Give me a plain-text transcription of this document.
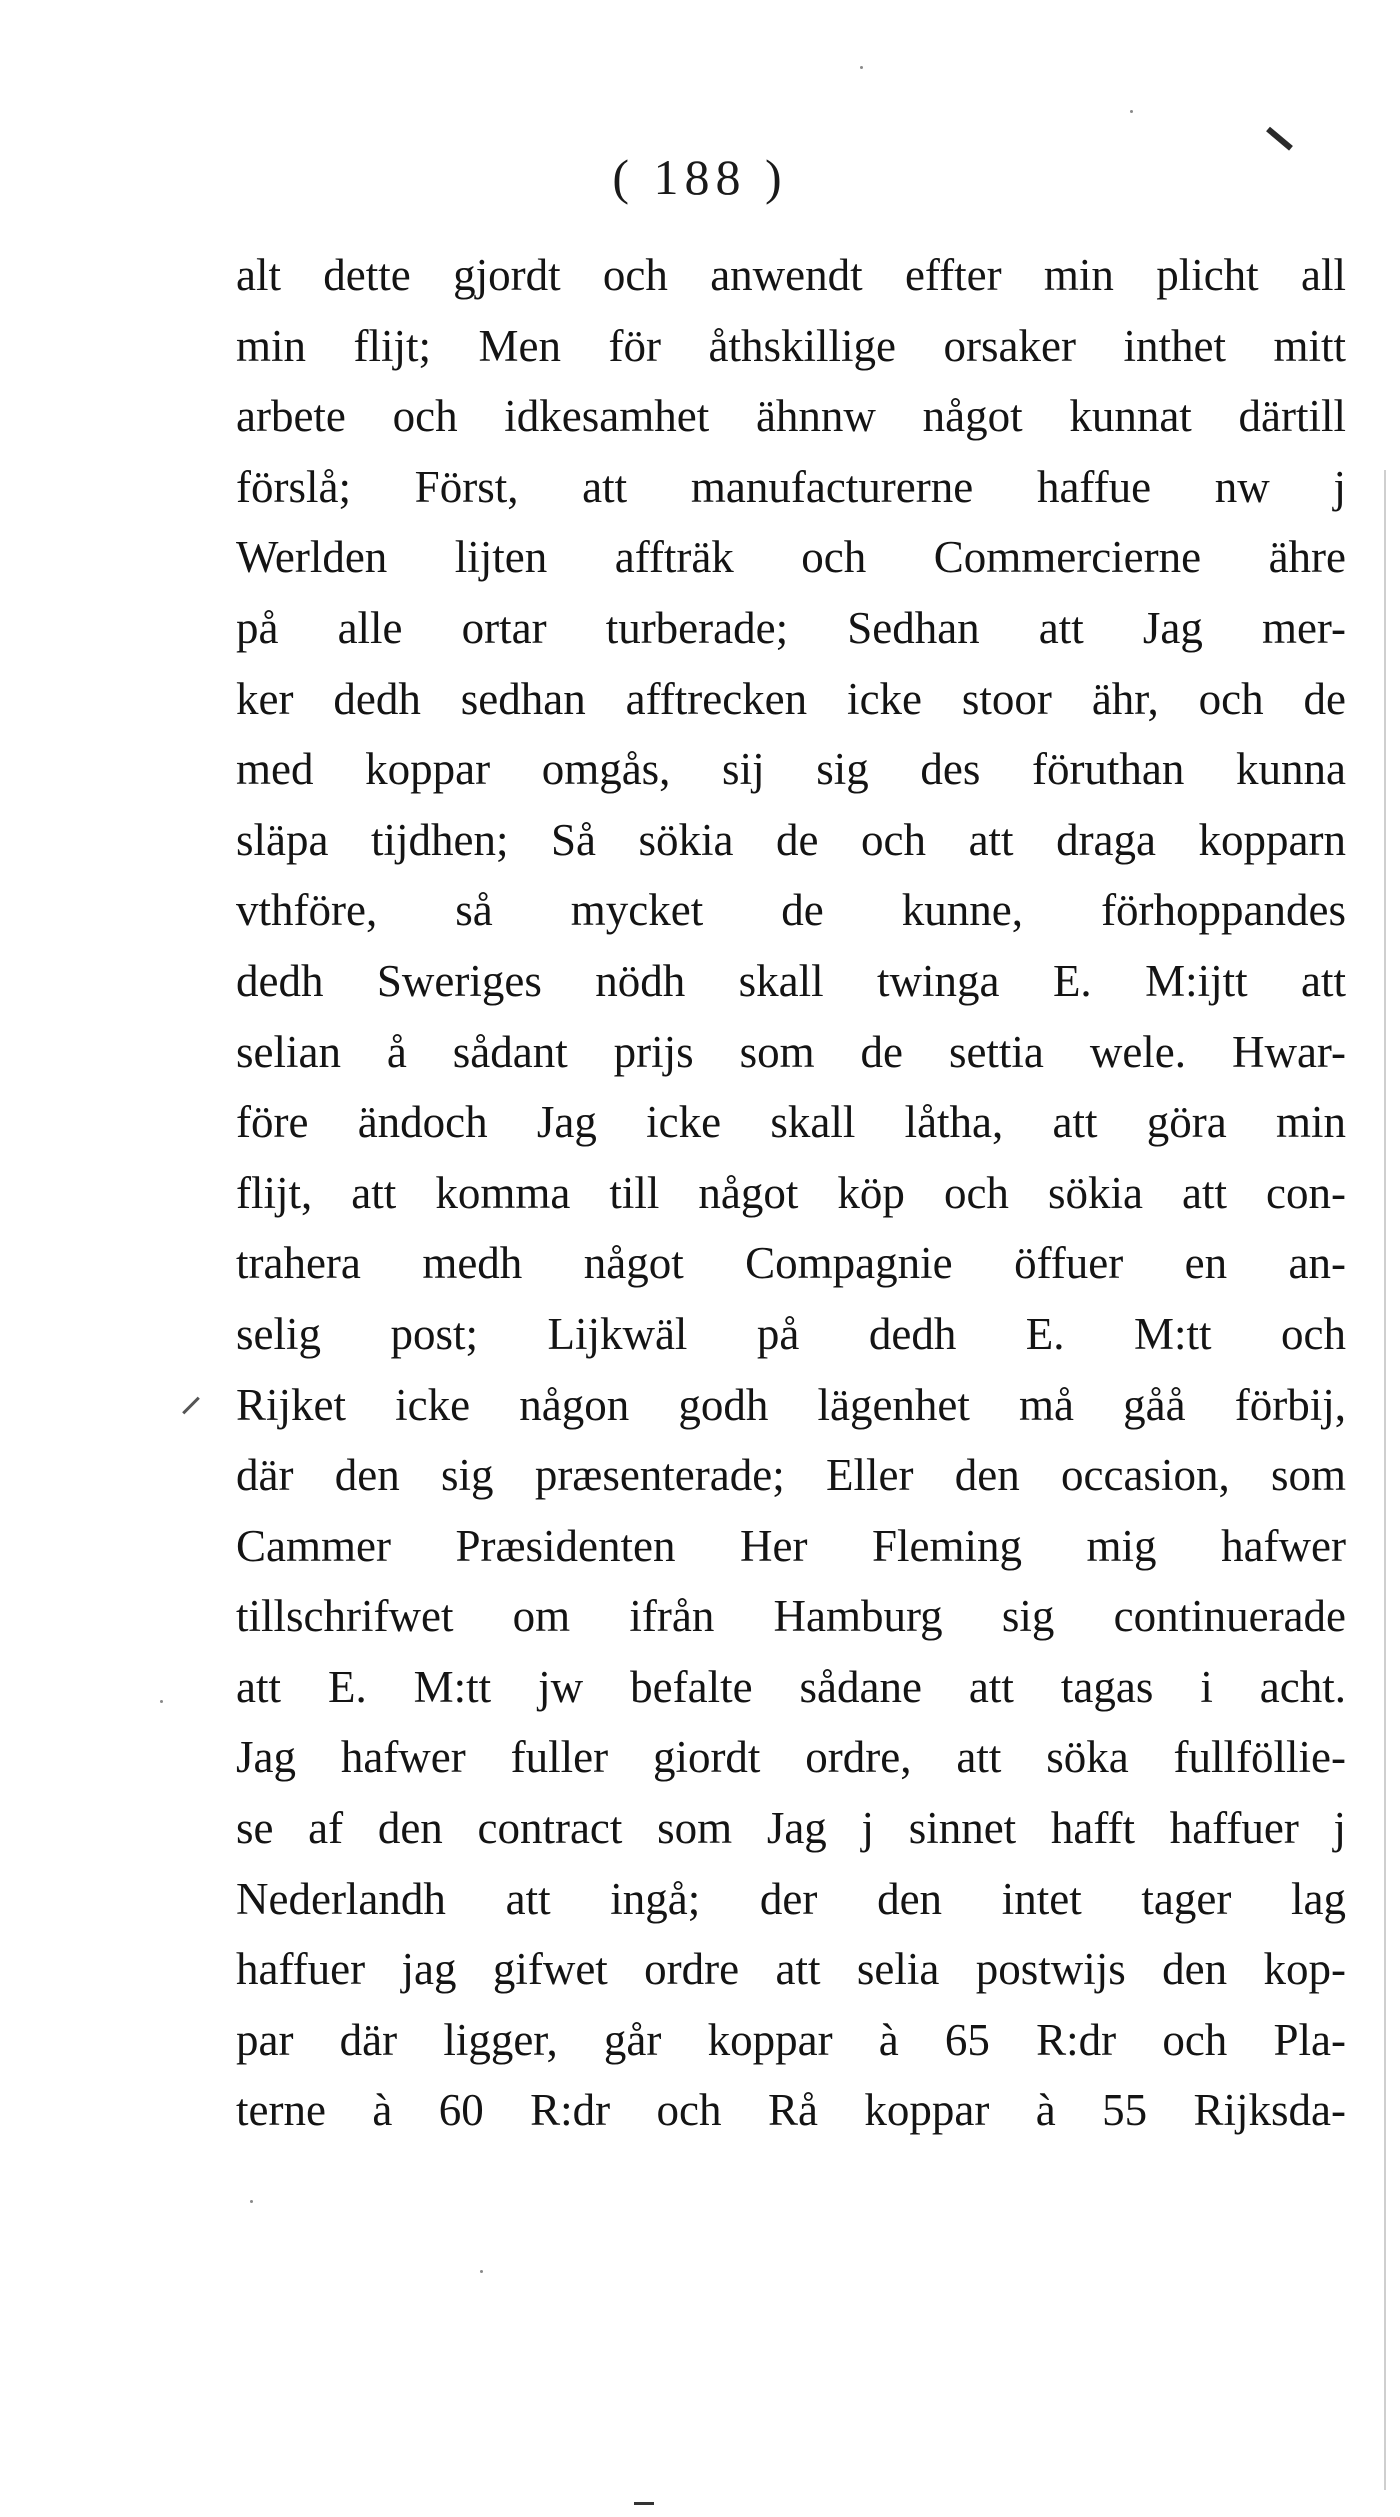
( 188 )
alt dette gjordt och anwendt effter min plicht all
min flijt; Men för åthskillige orsaker inthet mitt
arbete och idkesamhet ähnnw något kunnat därtill
förslå; Först, att manufacturerne haffue nw j
Werlden lijten affträk och Commercierne ähre
på alle ortar turberade; Sedhan att Jag mer-
ker dedh sedhan afftrecken icke stoor ähr, och de
med koppar omgås, sij sig des föruthan kunna
släpa tijdhen; Så sökia de och att draga kopparn
vthföre, så mycket de kunne, förhoppandes
dedh Sweriges nödh skall twinga E. M:ijtt att
selian å sådant prijs som de settia wele. Hwar-
före ändoch Jag icke skall låtha, att göra min
flijt, att komma till något köp och sökia att con-
trahera medh något Compagnie öffuer en an-
selig post; Lijkwäl på dedh E. M:tt och
Rijket icke någon godh lägenhet må gåå förbij,
där den sig præsenterade; Eller den occasion, som
Cammer Præsidenten Her Fleming mig hafwer
tillschrifwet om ifrån Hamburg sig continuerade
att E. M:tt jw befalte sådane att tagas i acht.
Jag hafwer fuller giordt ordre, att söka fullföllie-
se af den contract som Jag j sinnet hafft haffuer j
Nederlandh att ingå; der den intet tager lag
haffuer jag gifwet ordre att selia postwijs den kop-
par där ligger, går koppar à 65 R:dr och Pla-
terne à 60 R:dr och Rå koppar à 55 Rijksda-
